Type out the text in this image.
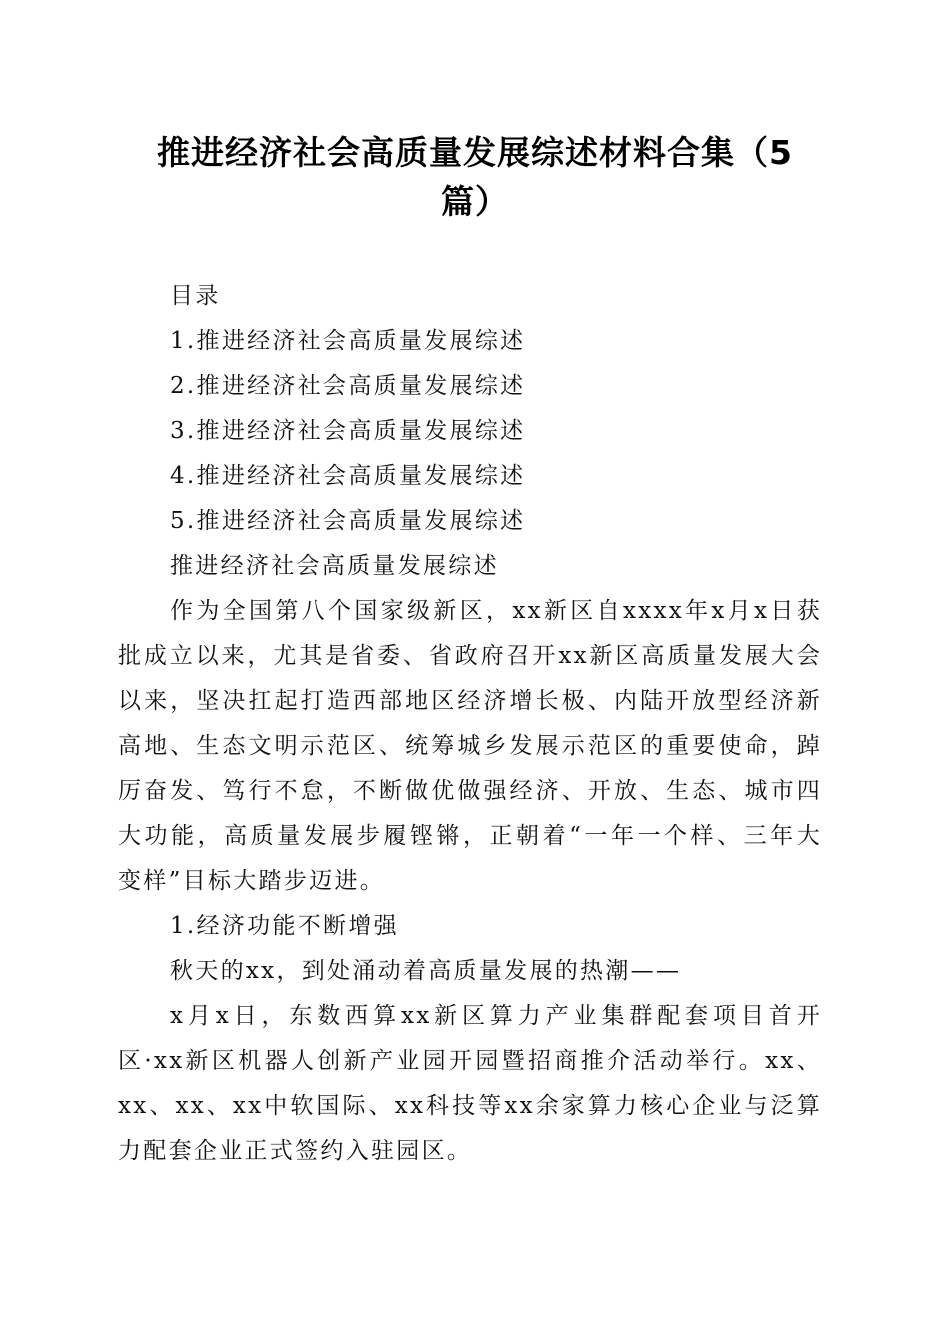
推进经济社会高质量发展综述材料合集（5
篇）
目录
1.推进经济社会高质量发展综述
2.推进经济社会高质量发展综述
3.推进经济社会高质量发展综述
4.推进经济社会高质量发展综述
5.推进经济社会高质量发展综述
推进经济社会高质量发展综述
作为全国第八个国家级新区，xx新区自xxxx年x月x日获
批成立以来，尤其是省委、省政府召开xx新区高质量发展大会
以来，坚决扛起打造西部地区经济增长极、内陆开放型经济新
高地、生态文明示范区、统筹城乡发展示范区的重要使命，踔
厉奋发、笃行不怠，不断做优做强经济、开放、生态、城市四
大功能，高质量发展步履铿锵，正朝着“一年一个样、三年大
变样”目标大踏步迈进。
1.经济功能不断增强
秋天的xx，到处涌动着高质量发展的热潮——
x月x日，东数西算xx新区算力产业集群配套项目首开
区·xx新区机器人创新产业园开园暨招商推介活动举行。xx、
xx、xx、xx中软国际、xx科技等xx余家算力核心企业与泛算
力配套企业正式签约入驻园区。
